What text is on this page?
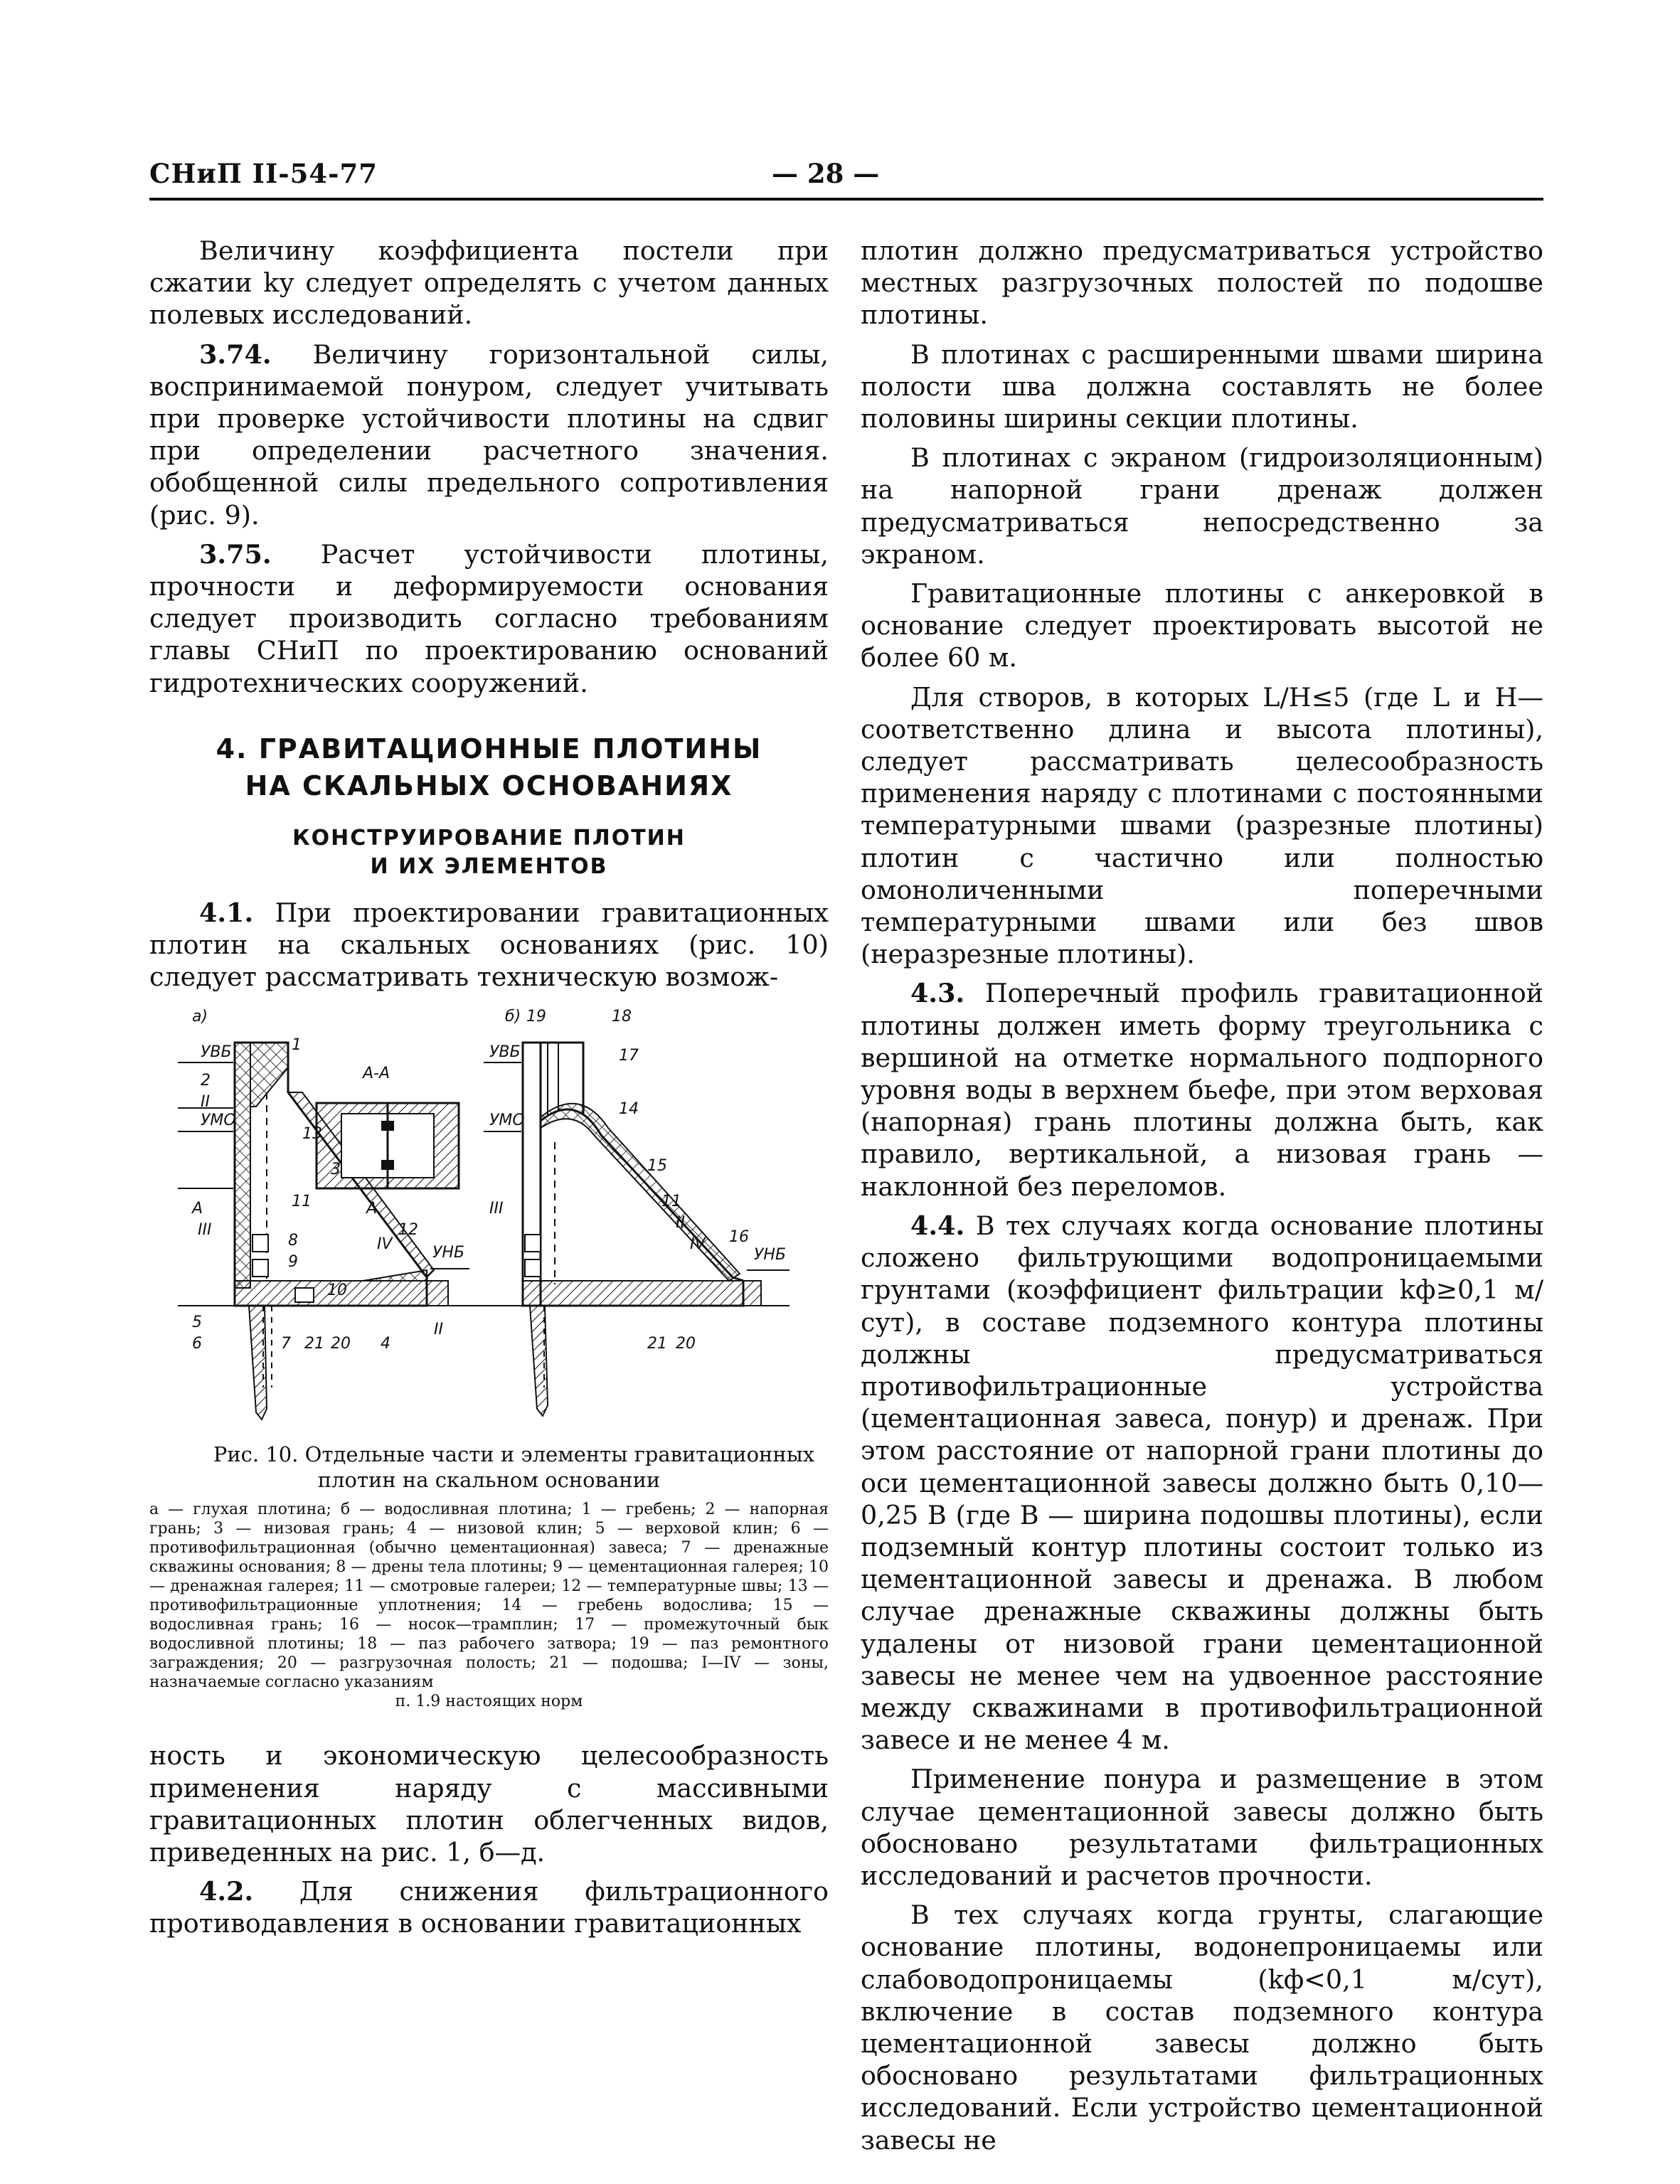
СНиП II-54-77	— 28 —

Величину коэффициента постели при сжатии kу следует определять с учетом данных полевых исследований.

3.74. Величину горизонтальной силы, воспринимаемой понуром, следует учитывать при проверке устойчивости плотины на сдвиг при определении расчетного значения. обобщенной силы предельного сопротивления (рис. 9).

3.75. Расчет устойчивости плотины, прочности и деформируемости основания следует производить согласно требованиям главы СНиП по проектированию оснований гидротехнических сооружений.

4. ГРАВИТАЦИОННЫЕ ПЛОТИНЫ
НА СКАЛЬНЫХ ОСНОВАНИЯХ
КОНСТРУИРОВАНИЕ ПЛОТИН
И ИХ ЭЛЕМЕНТОВ

4.1. При проектировании гравитационных плотин на скальных основаниях (рис. 10) следует рассматривать техническую возмож-

а)
УВБ
УМО
УНБ
б)
УВБ
УМО
УНБ
А-А
А	А
1
2
II
3
13
11
III
8
9
IV
12
10
II
5
6	7 21 20 4
19	18
17
14
15
11
III
II
IV 16
21 20

Рис. 10. Отдельные части и элементы гравитационных
плотин на скальном основании

а — глухая плотина; б — водосливная плотина; 1 — гребень; 2 — напорная грань; 3 — низовая грань; 4 — низовой клин; 5 — верховой клин; 6 — противофильтрационная (обычно цементационная) завеса; 7 — дренажные скважины основания; 8 — дрены тела плотины; 9 — цементационная галерея; 10 — дренажная галерея; 11 — смотровые галереи; 12 — температурные швы; 13 — противофильтрационные уплотнения; 14 — гребень водослива; 15 — водосливная грань; 16 — носок—трамплин; 17 — промежуточный бык водосливной плотины; 18 — паз рабочего затвора; 19 — паз ремонтного заграждения; 20 — разгрузочная полость; 21 — подошва; I—IV — зоны, назначаемые согласно указаниям
п. 1.9 настоящих норм

ность и экономическую целесообразность применения наряду с массивными гравитационных плотин облегченных видов, приведенных на рис. 1, б—д.

4.2. Для снижения фильтрационного противодавления в основании гравитационных

плотин должно предусматриваться устройство местных разгрузочных полостей по подошве плотины.

В плотинах с расширенными швами ширина полости шва должна составлять не более половины ширины секции плотины.

В плотинах с экраном (гидроизоляционным) на напорной грани дренаж должен предусматриваться непосредственно за экраном.

Гравитационные плотины с анкеровкой в основание следует проектировать высотой не более 60 м.

Для створов, в которых L/H≤5 (где L и H—соответственно длина и высота плотины), следует рассматривать целесообразность применения наряду с плотинами с постоянными температурными швами (разрезные плотины) плотин с частично или полностью омоноличенными поперечными температурными швами или без швов (неразрезные плотины).

4.3. Поперечный профиль гравитационной плотины должен иметь форму треугольника с вершиной на отметке нормального подпорного уровня воды в верхнем бьефе, при этом верховая (напорная) грань плотины должна быть, как правило, вертикальной, а низовая грань — наклонной без переломов.

4.4. В тех случаях когда основание плотины сложено фильтрующими водопроницаемыми грунтами (коэффициент фильтрации kф≥0,1 м/сут), в составе подземного контура плотины должны предусматриваться противофильтрационные устройства (цементационная завеса, понур) и дренаж. При этом расстояние от напорной грани плотины до оси цементационной завесы должно быть 0,10—0,25 B (где B — ширина подошвы плотины), если подземный контур плотины состоит только из цементационной завесы и дренажа. В любом случае дренажные скважины должны быть удалены от низовой грани цементационной завесы не менее чем на удвоенное расстояние между скважинами в противофильтрационной завесе и не менее 4 м.

Применение понура и размещение в этом случае цементационной завесы должно быть обосновано результатами фильтрационных исследований и расчетов прочности.

В тех случаях когда грунты, слагающие основание плотины, водонепроницаемы или слабоводопроницаемы (kф<0,1 м/сут), включение в состав подземного контура цементационной завесы должно быть обосновано результатами фильтрационных исследований. Если устройство цементационной завесы не
